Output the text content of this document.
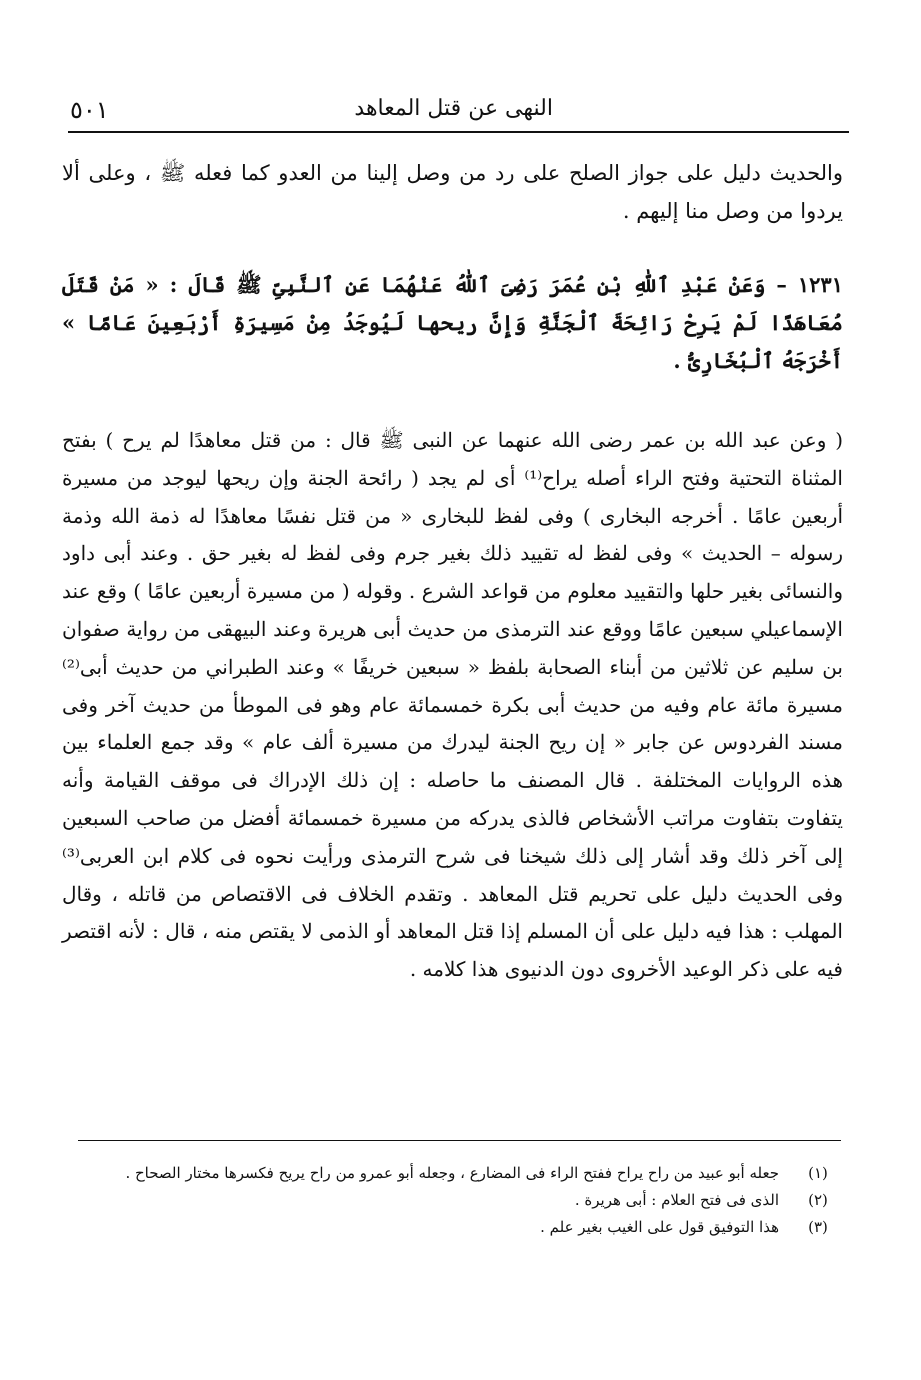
النهى عن قتل المعاهد
٥٠١
والحديث دليل على جواز الصلح على رد من وصل إلينا من العدو كما فعله ﷺ ، وعلى ألا يردوا من وصل منا إليهم .
١٢٣١ – وَعَنْ عَبْدِ ٱللّٰهِ بْنِ عُمَرَ رَضِىَ ٱللّٰهُ عَنْهُمَا عَنِ ٱلنَّبِىِّ ﷺ قَالَ : « مَنْ قَتَلَ مُعَاهَدًا لَمْ يَرِحْ رَائِحَةَ ٱلْجَنَّةِ وَإِنَّ ريحها لَيُوجَدُ مِنْ مَسِيرَةِ أَرْبَعِينَ عَامًا » أَخْرَجَهُ ٱلْبُخَارِىُّ .
( وعن عبد الله بن عمر رضى الله عنهما عن النبى ﷺ قال : من قتل معاهدًا لم يرح ) بفتح المثناة التحتية وفتح الراء أصله يراح⁽¹⁾ أى لم يجد ( رائحة الجنة وإن ريحها ليوجد من مسيرة أربعين عامًا . أخرجه البخارى ) وفى لفظ للبخارى « من قتل نفسًا معاهدًا له ذمة الله وذمة رسوله – الحديث » وفى لفظ له تقييد ذلك بغير جرم وفى لفظ له بغير حق . وعند أبى داود والنسائى بغير حلها والتقييد معلوم من قواعد الشرع . وقوله ( من مسيرة أربعين عامًا ) وقع عند الإسماعيلي سبعين عامًا ووقع عند الترمذى من حديث أبى هريرة وعند البيهقى من رواية صفوان بن سليم عن ثلاثين من أبناء الصحابة بلفظ « سبعين خريفًا » وعند الطبراني من حديث أبى⁽²⁾ مسيرة مائة عام وفيه من حديث أبى بكرة خمسمائة عام وهو فى الموطأ من حديث آخر وفى مسند الفردوس عن جابر « إن ريح الجنة ليدرك من مسيرة ألف عام » وقد جمع العلماء بين هذه الروايات المختلفة . قال المصنف ما حاصله : إن ذلك الإدراك فى موقف القيامة وأنه يتفاوت بتفاوت مراتب الأشخاص فالذى يدركه من مسيرة خمسمائة أفضل من صاحب السبعين إلى آخر ذلك وقد أشار إلى ذلك شيخنا فى شرح الترمذى ورأيت نحوه فى كلام ابن العربى⁽³⁾ وفى الحديث دليل على تحريم قتل المعاهد . وتقدم الخلاف فى الاقتصاص من قاتله ، وقال المهلب : هذا فيه دليل على أن المسلم إذا قتل المعاهد أو الذمى لا يقتص منه ، قال : لأنه اقتصر فيه على ذكر الوعيد الأخروى دون الدنيوى هذا كلامه .
(١)
جعله أبو عبيد من راح يراح ففتح الراء فى المضارع ، وجعله أبو عمرو من راح يريح فكسرها مختار الصحاح .
(٢)
الذى فى فتح العلام : أبى هريرة .
(٣)
هذا التوفيق قول على الغيب بغير علم .
